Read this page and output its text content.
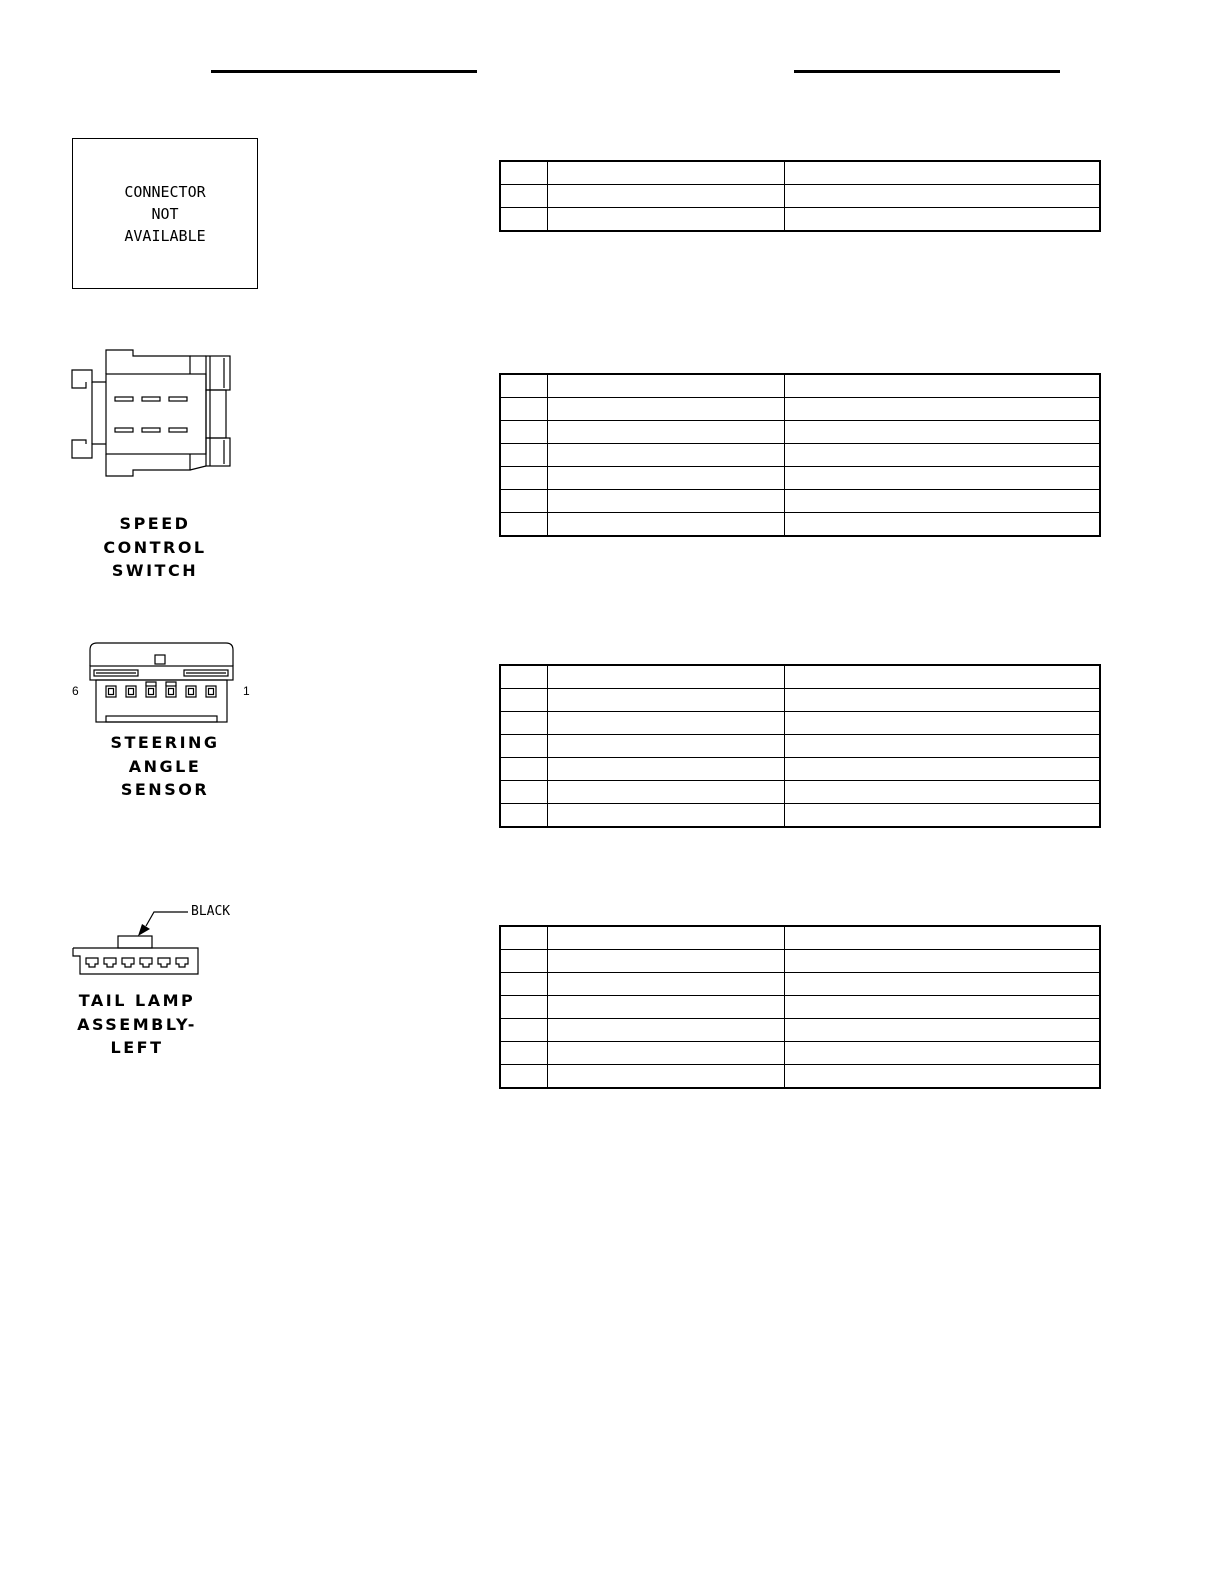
CONNECTOR
NOT
AVAILABLE

SPEED
CONTROL
SWITCH

6	1
STEERING
ANGLE
SENSOR

BLACK
TAIL LAMP
ASSEMBLY-
LEFT
